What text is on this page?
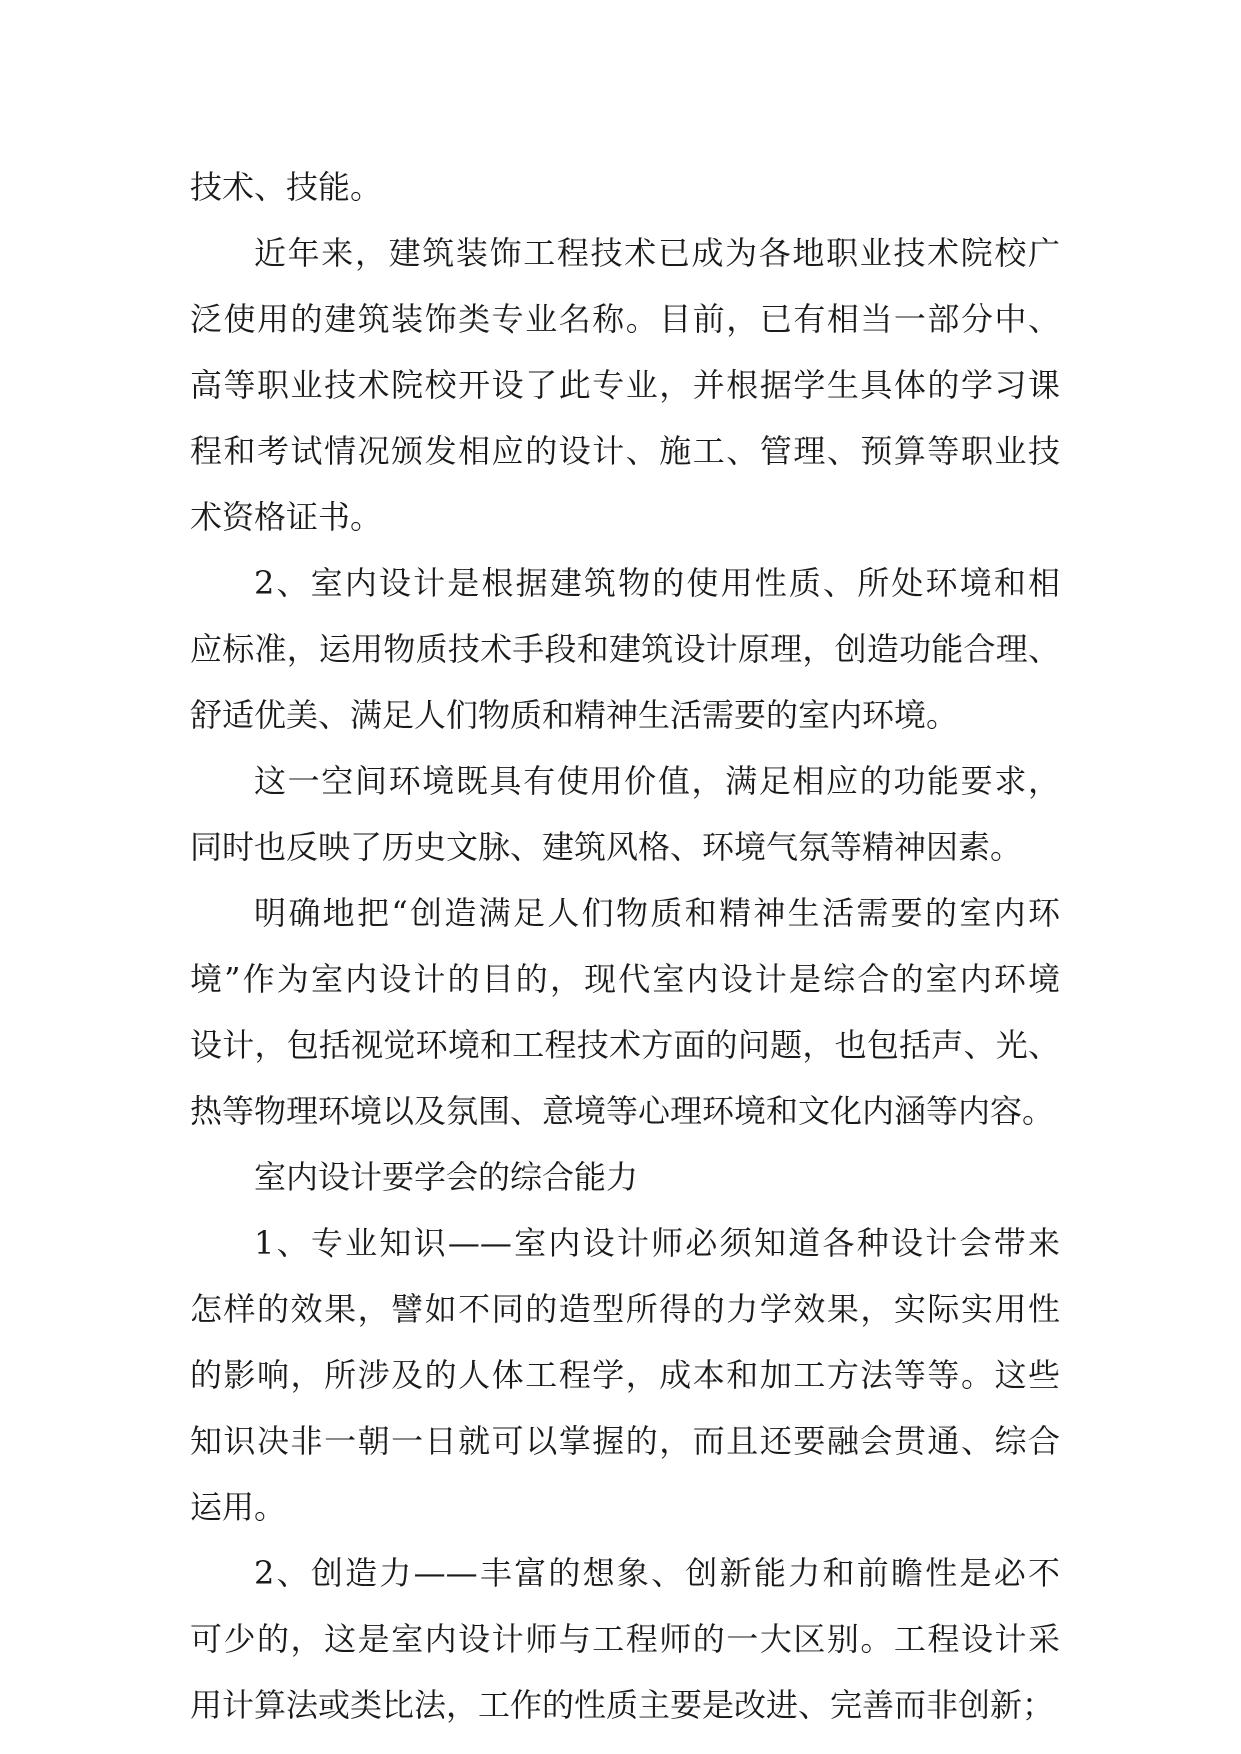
技术、技能。
近年来，建筑装饰工程技术已成为各地职业技术院校广
泛使用的建筑装饰类专业名称。目前，已有相当一部分中、
高等职业技术院校开设了此专业，并根据学生具体的学习课
程和考试情况颁发相应的设计、施工、管理、预算等职业技
术资格证书。
2、室内设计是根据建筑物的使用性质、所处环境和相
应标准，运用物质技术手段和建筑设计原理，创造功能合理、
舒适优美、满足人们物质和精神生活需要的室内环境。
这一空间环境既具有使用价值，满足相应的功能要求，
同时也反映了历史文脉、建筑风格、环境气氛等精神因素。
明确地把“创造满足人们物质和精神生活需要的室内环
境”作为室内设计的目的，现代室内设计是综合的室内环境
设计，包括视觉环境和工程技术方面的问题，也包括声、光、
热等物理环境以及氛围、意境等心理环境和文化内涵等内容。
室内设计要学会的综合能力
1、专业知识——室内设计师必须知道各种设计会带来
怎样的效果，譬如不同的造型所得的力学效果，实际实用性
的影响，所涉及的人体工程学，成本和加工方法等等。这些
知识决非一朝一日就可以掌握的，而且还要融会贯通、综合
运用。
2、创造力——丰富的想象、创新能力和前瞻性是必不
可少的，这是室内设计师与工程师的一大区别。工程设计采
用计算法或类比法，工作的性质主要是改进、完善而非创新；
